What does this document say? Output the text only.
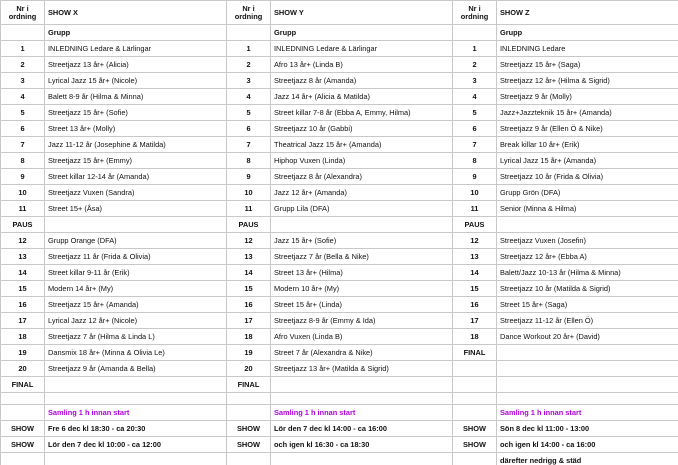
Nr i
ordning	SHOW X	Nr i
ordning	SHOW Y	Nr i
ordning	SHOW Z
	Grupp		Grupp		Grupp
1	INLEDNING Ledare & Lärlingar	1	INLEDNING Ledare & Lärlingar	1	INLEDNING Ledare
2	Streetjazz 13 år+ (Alicia)	2	Afro 13 år+ (Linda B)	2	Streetjazz 15 år+ (Saga)
3	Lyrical Jazz 15 år+ (Nicole)	3	Streetjazz 8 år (Amanda)	3	Streetjazz 12 år+ (Hilma & Sigrid)
4	Balett 8-9 år (Hilma & Minna)	4	Jazz 14 år+ (Alicia & Matilda)	4	Streetjazz 9 år (Molly)
5	Streetjazz 15 år+ (Sofie)	5	Street killar 7-8 år (Ebba A, Emmy, Hilma)	5	Jazz+Jazzteknik 15 år+ (Amanda)
6	Street 13 år+ (Molly)	6	Streetjazz 10 år (Gabbi)	6	Streetjazz 9 år (Ellen Ö & Nike)
7	Jazz 11-12 år (Josephine & Matilda)	7	Theatrical Jazz 15 år+ (Amanda)	7	Break killar 10 år+ (Erik)
8	Streetjazz 15 år+ (Emmy)	8	Hiphop Vuxen (Linda)	8	Lyrical Jazz 15 år+ (Amanda)
9	Street killar 12-14 år (Amanda)	9	Streetjazz 8 år (Alexandra)	9	Streetjazz 10 år (Frida & Olivia)
10	Streetjazz Vuxen (Sandra)	10	Jazz 12 år+ (Amanda)	10	Grupp Grön (DFA)
11	Street 15+ (Åsa)	11	Grupp Lila (DFA)	11	Senior (Minna & Hilma)
PAUS		PAUS		PAUS	
12	Grupp Orange (DFA)	12	Jazz 15 år+ (Sofie)	12	Streetjazz Vuxen (Josefin)
13	Streetjazz 11 år (Frida & Olivia)	13	Streetjazz 7 år (Bella & Nike)	13	Streetjazz 12 år+ (Ebba A)
14	Street killar 9-11 år (Erik)	14	Street 13 år+ (Hilma)	14	Balett/Jazz 10-13 år (Hilma & Minna)
15	Modern 14 år+ (My)	15	Modern 10 år+ (My)	15	Streetjazz 10 år (Matilda & Sigrid)
16	Streetjazz 15 år+ (Amanda)	16	Street 15 år+ (Linda)	16	Street 15 år+ (Saga)
17	Lyrical Jazz 12 år+ (Nicole)	17	Streetjazz 8-9 år (Emmy & Ida)	17	Streetjazz 11-12 år (Ellen Ö)
18	Streetjazz 7 år (Hilma & Linda L)	18	Afro Vuxen (Linda B)	18	Dance Workout 20 år+ (David)
19	Dansmix 18 år+ (Minna & Olivia Le)	19	Street 7 år (Alexandra & Nike)	FINAL	
20	Streetjazz 9 år (Amanda & Bella)	20	Streetjazz 13 år+ (Matilda & Sigrid)		
FINAL		FINAL			

	Samling 1 h innan start		Samling 1 h innan start		Samling 1 h innan start
SHOW	Fre 6 dec kl 18:30 - ca 20:30	SHOW	Lör den 7 dec kl 14:00 - ca 16:00	SHOW	Sön 8 dec kl 11:00 - 13:00
SHOW	Lör den 7 dec kl 10:00 - ca 12:00	SHOW	och igen kl 16:30 - ca 18:30	SHOW	och igen kl 14:00 - ca 16:00
					därefter nedrigg & städ
